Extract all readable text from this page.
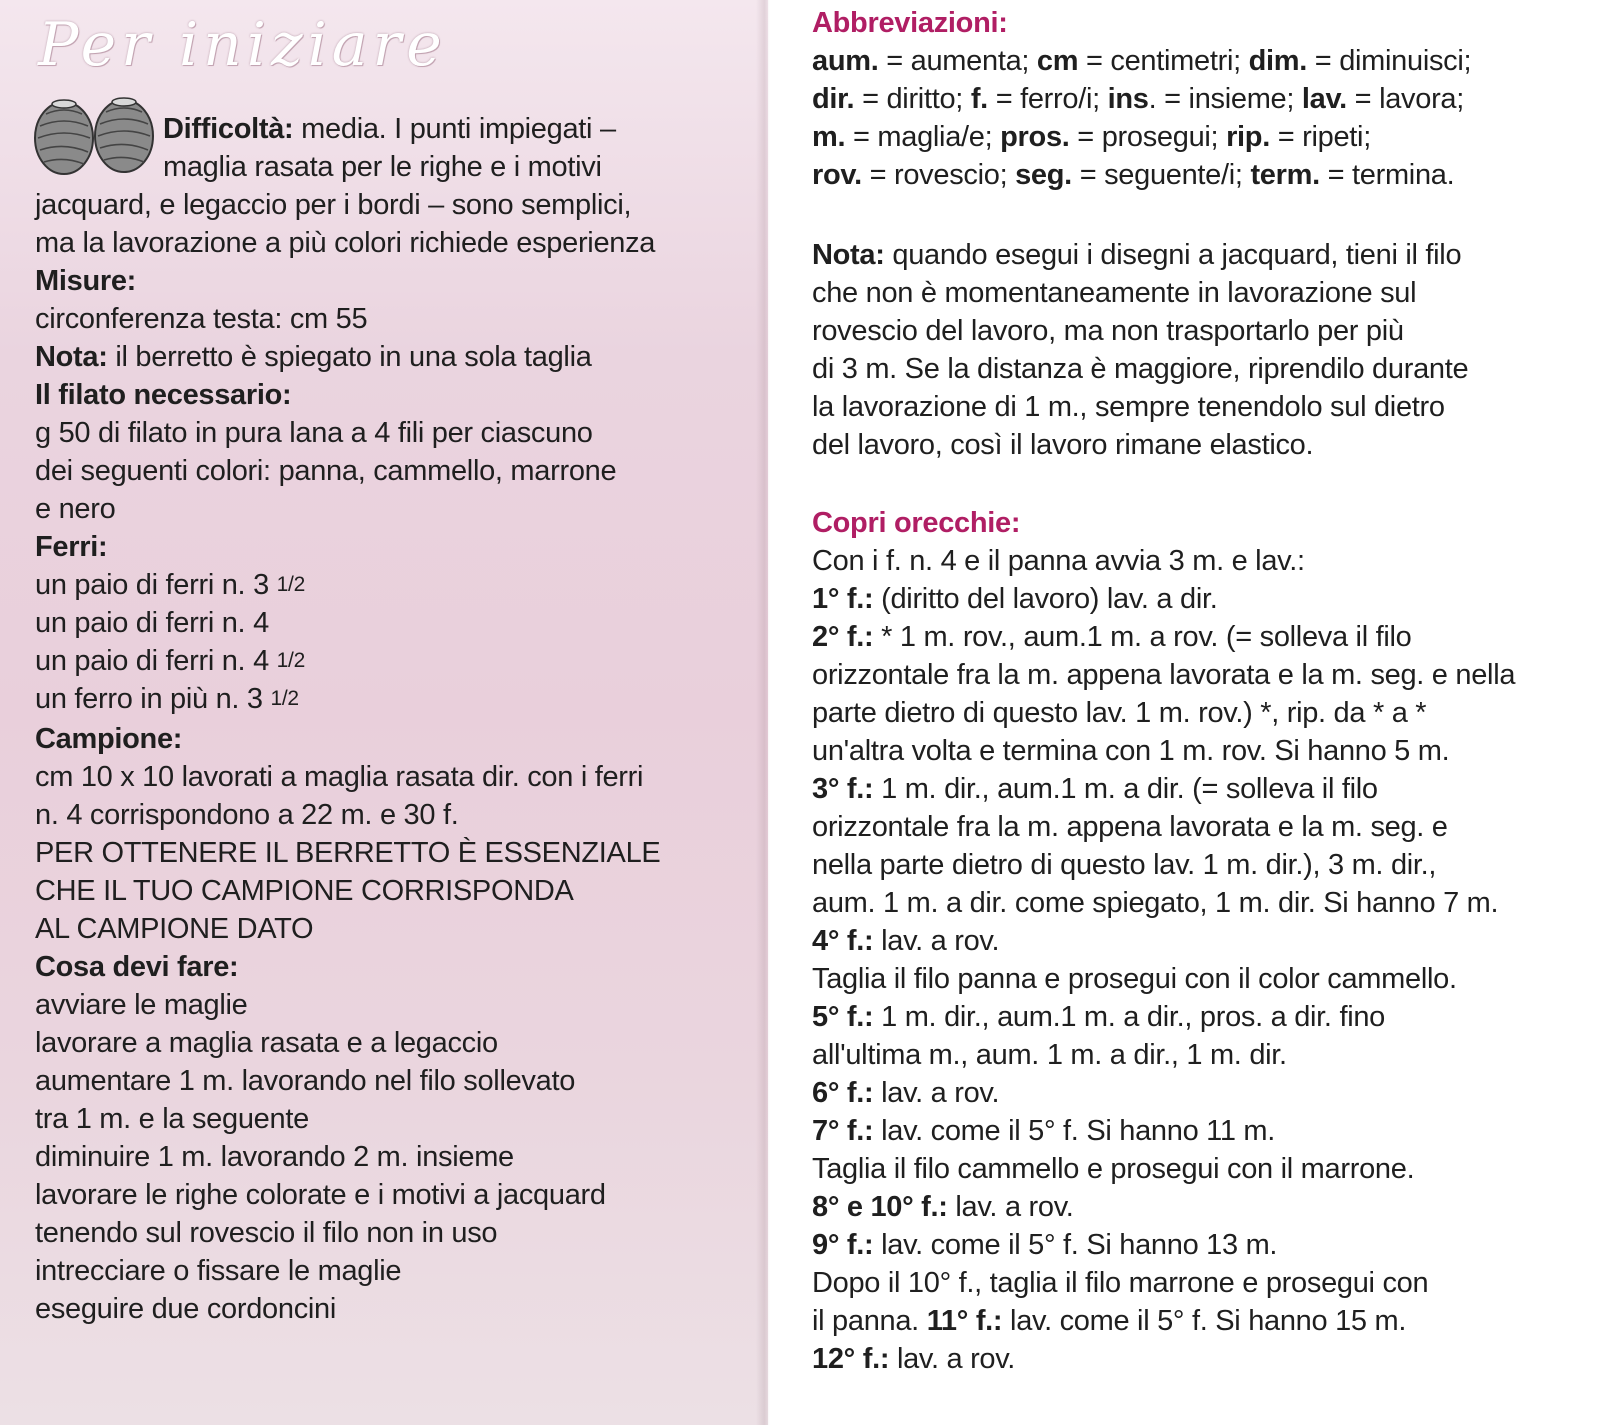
Per iniziare
Difficoltà: media. I punti impiegati –
maglia rasata per le righe e i motivi
jacquard, e legaccio per i bordi – sono semplici,
ma la lavorazione a più colori richiede esperienza
Misure:
circonferenza testa: cm 55
Nota: il berretto è spiegato in una sola taglia
Il filato necessario:
g 50 di filato in pura lana a 4 fili per ciascuno
dei seguenti colori: panna, cammello, marrone
e nero
Ferri:
un paio di ferri n. 3 1/2
un paio di ferri n. 4
un paio di ferri n. 4 1/2
un ferro in più n. 3 1/2
Campione:
cm 10 x 10 lavorati a maglia rasata dir. con i ferri
n. 4 corrispondono a 22 m. e 30 f.
PER OTTENERE IL BERRETTO È ESSENZIALE
CHE IL TUO CAMPIONE CORRISPONDA
AL CAMPIONE DATO
Cosa devi fare:
avviare le maglie
lavorare a maglia rasata e a legaccio
aumentare 1 m. lavorando nel filo sollevato
tra 1 m. e la seguente
diminuire 1 m. lavorando 2 m. insieme
lavorare le righe colorate e i motivi a jacquard
tenendo sul rovescio il filo non in uso
intrecciare o fissare le maglie
eseguire due cordoncini
Abbreviazioni:
aum. = aumenta; cm = centimetri; dim. = diminuisci;
dir. = diritto; f. = ferro/i; ins. = insieme; lav. = lavora;
m. = maglia/e; pros. = prosegui; rip. = ripeti;
rov. = rovescio; seg. = seguente/i; term. = termina.
Nota: quando esegui i disegni a jacquard, tieni il filo
che non è momentaneamente in lavorazione sul
rovescio del lavoro, ma non trasportarlo per più
di 3 m. Se la distanza è maggiore, riprendilo durante
la lavorazione di 1 m., sempre tenendolo sul dietro
del lavoro, così il lavoro rimane elastico.
Copri orecchie:
Con i f. n. 4 e il panna avvia 3 m. e lav.:
1° f.: (diritto del lavoro) lav. a dir.
2° f.: * 1 m. rov., aum.1 m. a rov. (= solleva il filo
orizzontale fra la m. appena lavorata e la m. seg. e nella
parte dietro di questo lav. 1 m. rov.) *, rip. da * a *
un'altra volta e termina con 1 m. rov. Si hanno 5 m.
3° f.: 1 m. dir., aum.1 m. a dir. (= solleva il filo
orizzontale fra la m. appena lavorata e la m. seg. e
nella parte dietro di questo lav. 1 m. dir.), 3 m. dir.,
aum. 1 m. a dir. come spiegato, 1 m. dir. Si hanno 7 m.
4° f.: lav. a rov.
Taglia il filo panna e prosegui con il color cammello.
5° f.: 1 m. dir., aum.1 m. a dir., pros. a dir. fino
all'ultima m., aum. 1 m. a dir., 1 m. dir.
6° f.: lav. a rov.
7° f.: lav. come il 5° f. Si hanno 11 m.
Taglia il filo cammello e prosegui con il marrone.
8° e 10° f.: lav. a rov.
9° f.: lav. come il 5° f. Si hanno 13 m.
Dopo il 10° f., taglia il filo marrone e prosegui con
il panna. 11° f.: lav. come il 5° f. Si hanno 15 m.
12° f.: lav. a rov.
